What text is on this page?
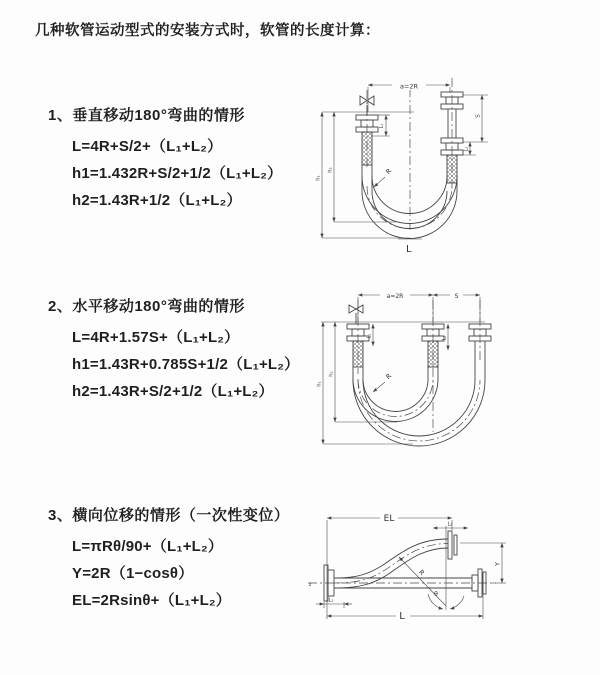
几种软管运动型式的安装方式时，软管的长度计算：
1、垂直移动180°弯曲的情形
L=4R+S/2+（L₁+L₂）
h1=1.432R+S/2+1/2（L₁+L₂）
h2=1.43R+1/2（L₁+L₂）
2、水平移动180°弯曲的情形
L=4R+1.57S+（L₁+L₂）
h1=1.43R+0.785S+1/2（L₁+L₂）
h2=1.43R+S/2+1/2（L₁+L₂）
3、横向位移的情形（一次性变位）
L=πRθ/90+（L₁+L₂）
Y=2R（1−cosθ）
EL=2Rsinθ+（L₁+L₂）
a=2R
L₁
S
L₂
h₁
h₂	R
L
a=2R	S
L₁	L₂
h₁
h₂	R
EL
L₂
Y
R
θ
L
L₁
z
